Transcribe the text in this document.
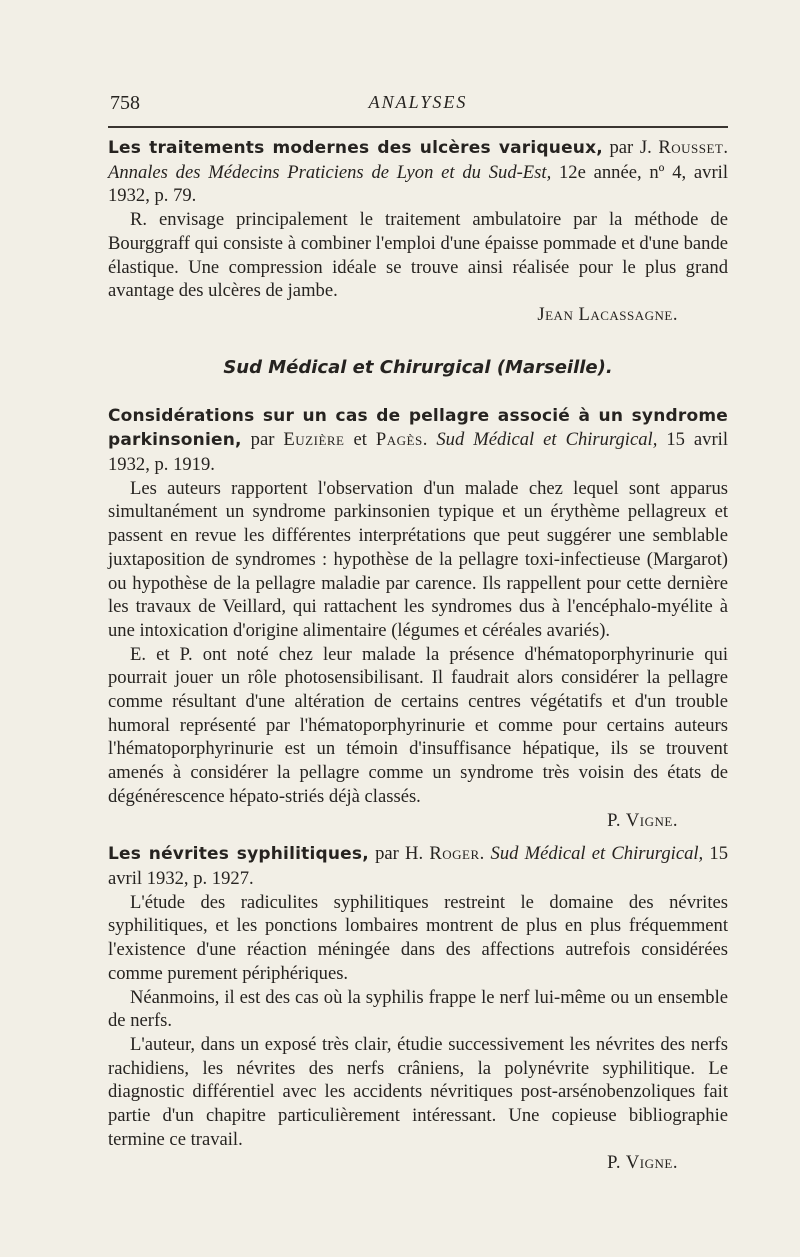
758	ANALYSES

Les traitements modernes des ulcères variqueux, par J. Rousset. Annales des Médecins Praticiens de Lyon et du Sud-Est, 12e année, nº 4, avril 1932, p. 79.

R. envisage principalement le traitement ambulatoire par la méthode de Bourggraff qui consiste à combiner l'emploi d'une épaisse pommade et d'une bande élastique. Une compression idéale se trouve ainsi réalisée pour le plus grand avantage des ulcères de jambe.

Jean Lacassagne.

Sud Médical et Chirurgical (Marseille).

Considérations sur un cas de pellagre associé à un syndrome parkinsonien, par Euzière et Pagès. Sud Médical et Chirurgical, 15 avril 1932, p. 1919.

Les auteurs rapportent l'observation d'un malade chez lequel sont apparus simultanément un syndrome parkinsonien typique et un érythème pellagreux et passent en revue les différentes interprétations que peut suggérer une semblable juxtaposition de syndromes : hypothèse de la pellagre toxi-infectieuse (Margarot) ou hypothèse de la pellagre maladie par carence. Ils rappellent pour cette dernière les travaux de Veillard, qui rattachent les syndromes dus à l'encéphalo-myélite à une intoxication d'origine alimentaire (légumes et céréales avariés).

E. et P. ont noté chez leur malade la présence d'hématoporphyrinurie qui pourrait jouer un rôle photosensibilisant. Il faudrait alors considérer la pellagre comme résultant d'une altération de certains centres végétatifs et d'un trouble humoral représenté par l'hématoporphyrinurie et comme pour certains auteurs l'hématoporphyrinurie est un témoin d'insuffisance hépatique, ils se trouvent amenés à considérer la pellagre comme un syndrome très voisin des états de dégénérescence hépato-striés déjà classés.

P. Vigne.

Les névrites syphilitiques, par H. Roger. Sud Médical et Chirurgical, 15 avril 1932, p. 1927.

L'étude des radiculites syphilitiques restreint le domaine des névrites syphilitiques, et les ponctions lombaires montrent de plus en plus fréquemment l'existence d'une réaction méningée dans des affections autrefois considérées comme purement périphériques.

Néanmoins, il est des cas où la syphilis frappe le nerf lui-même ou un ensemble de nerfs.

L'auteur, dans un exposé très clair, étudie successivement les névrites des nerfs rachidiens, les névrites des nerfs crâniens, la polynévrite syphilitique. Le diagnostic différentiel avec les accidents névritiques post-arsénobenzoliques fait partie d'un chapitre particulièrement intéressant. Une copieuse bibliographie termine ce travail.

P. Vigne.
